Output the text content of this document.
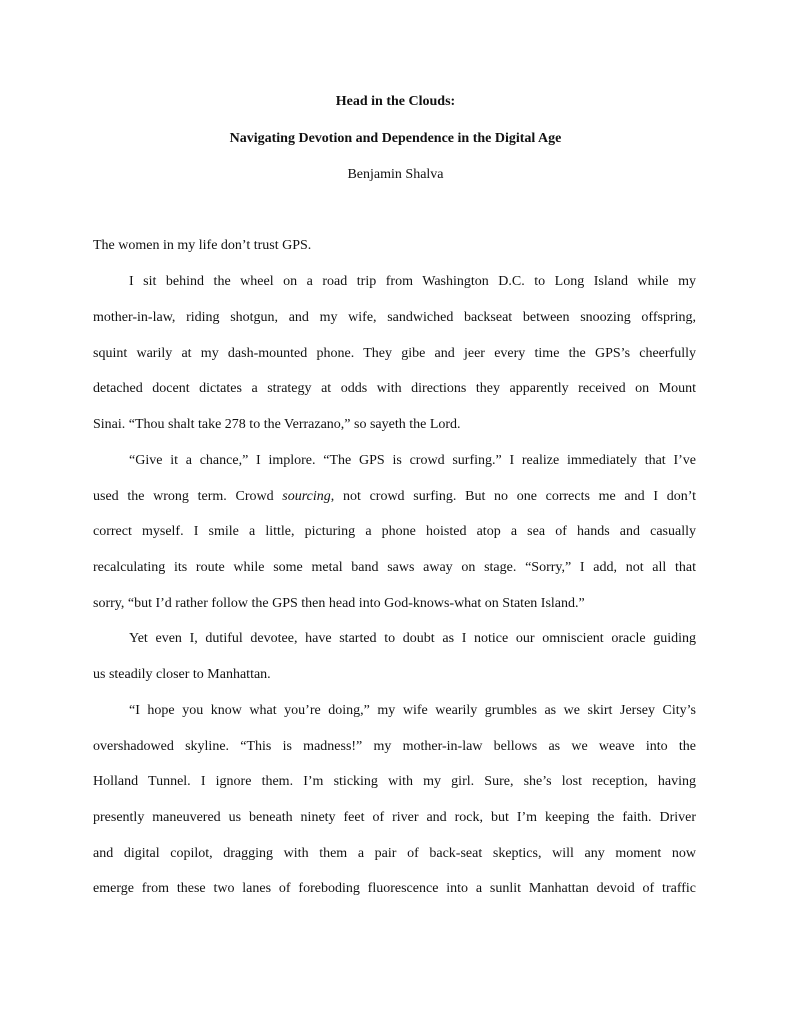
Head in the Clouds:

Navigating Devotion and Dependence in the Digital Age

Benjamin Shalva

The women in my life don’t trust GPS.

I sit behind the wheel on a road trip from Washington D.C. to Long Island while my

mother-in-law, riding shotgun, and my wife, sandwiched backseat between snoozing offspring,

squint warily at my dash-mounted phone. They gibe and jeer every time the GPS’s cheerfully

detached docent dictates a strategy at odds with directions they apparently received on Mount

Sinai. “Thou shalt take 278 to the Verrazano,” so sayeth the Lord.

“Give it a chance,” I implore. “The GPS is crowd surfing.” I realize immediately that I’ve

used the wrong term. Crowd sourcing, not crowd surfing. But no one corrects me and I don’t

correct myself. I smile a little, picturing a phone hoisted atop a sea of hands and casually

recalculating its route while some metal band saws away on stage. “Sorry,” I add, not all that

sorry, “but I’d rather follow the GPS then head into God-knows-what on Staten Island.”

Yet even I, dutiful devotee, have started to doubt as I notice our omniscient oracle guiding

us steadily closer to Manhattan.

“I hope you know what you’re doing,” my wife wearily grumbles as we skirt Jersey City’s

overshadowed skyline. “This is madness!” my mother-in-law bellows as we weave into the

Holland Tunnel. I ignore them. I’m sticking with my girl. Sure, she’s lost reception, having

presently maneuvered us beneath ninety feet of river and rock, but I’m keeping the faith. Driver

and digital copilot, dragging with them a pair of back-seat skeptics, will any moment now

emerge from these two lanes of foreboding fluorescence into a sunlit Manhattan devoid of traffic
